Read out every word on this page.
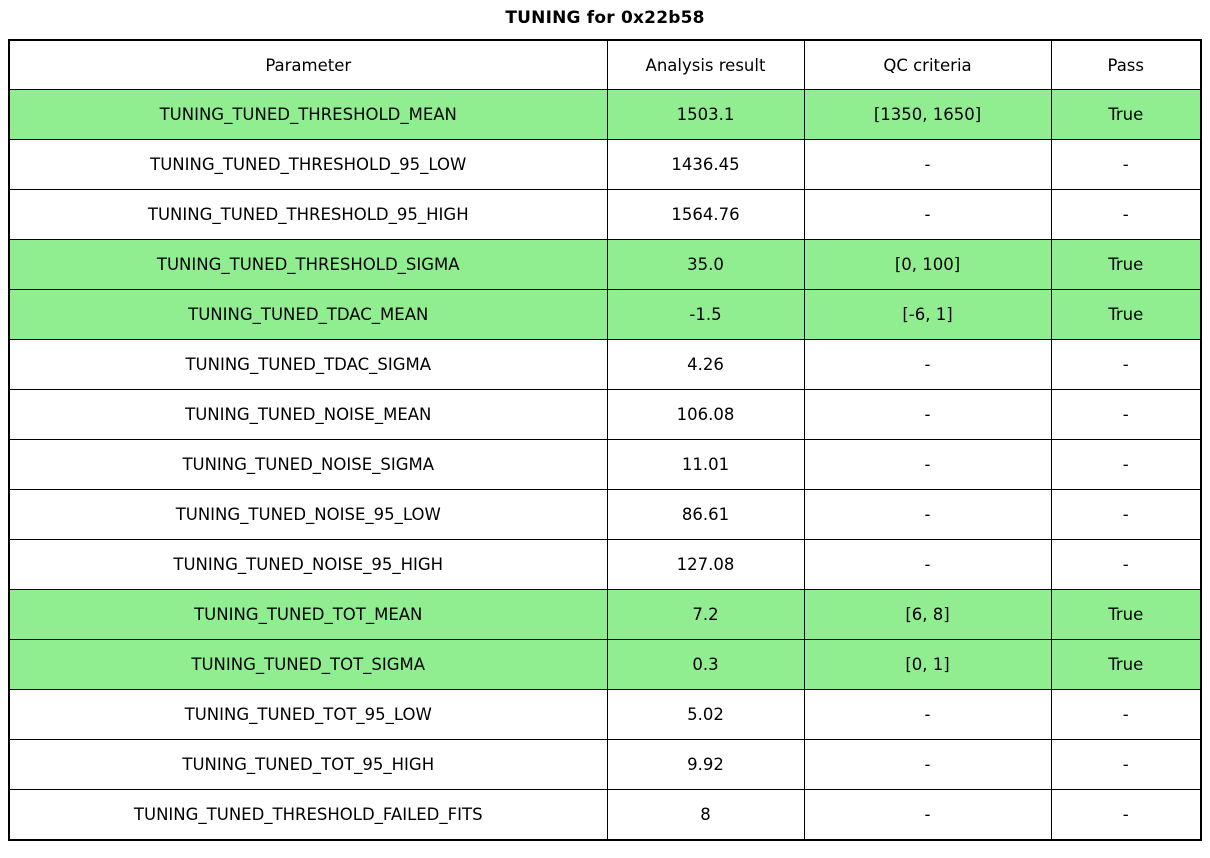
TUNING for 0x22b58
Parameter	Analysis result	QC criteria	Pass
TUNING_TUNED_THRESHOLD_MEAN	1503.1	[1350, 1650]	True
TUNING_TUNED_THRESHOLD_95_LOW	1436.45	-	-
TUNING_TUNED_THRESHOLD_95_HIGH	1564.76	-	-
TUNING_TUNED_THRESHOLD_SIGMA	35.0	[0, 100]	True
TUNING_TUNED_TDAC_MEAN	-1.5	[-6, 1]	True
TUNING_TUNED_TDAC_SIGMA	4.26	-	-
TUNING_TUNED_NOISE_MEAN	106.08	-	-
TUNING_TUNED_NOISE_SIGMA	11.01	-	-
TUNING_TUNED_NOISE_95_LOW	86.61	-	-
TUNING_TUNED_NOISE_95_HIGH	127.08	-	-
TUNING_TUNED_TOT_MEAN	7.2	[6, 8]	True
TUNING_TUNED_TOT_SIGMA	0.3	[0, 1]	True
TUNING_TUNED_TOT_95_LOW	5.02	-	-
TUNING_TUNED_TOT_95_HIGH	9.92	-	-
TUNING_TUNED_THRESHOLD_FAILED_FITS	8	-	-
